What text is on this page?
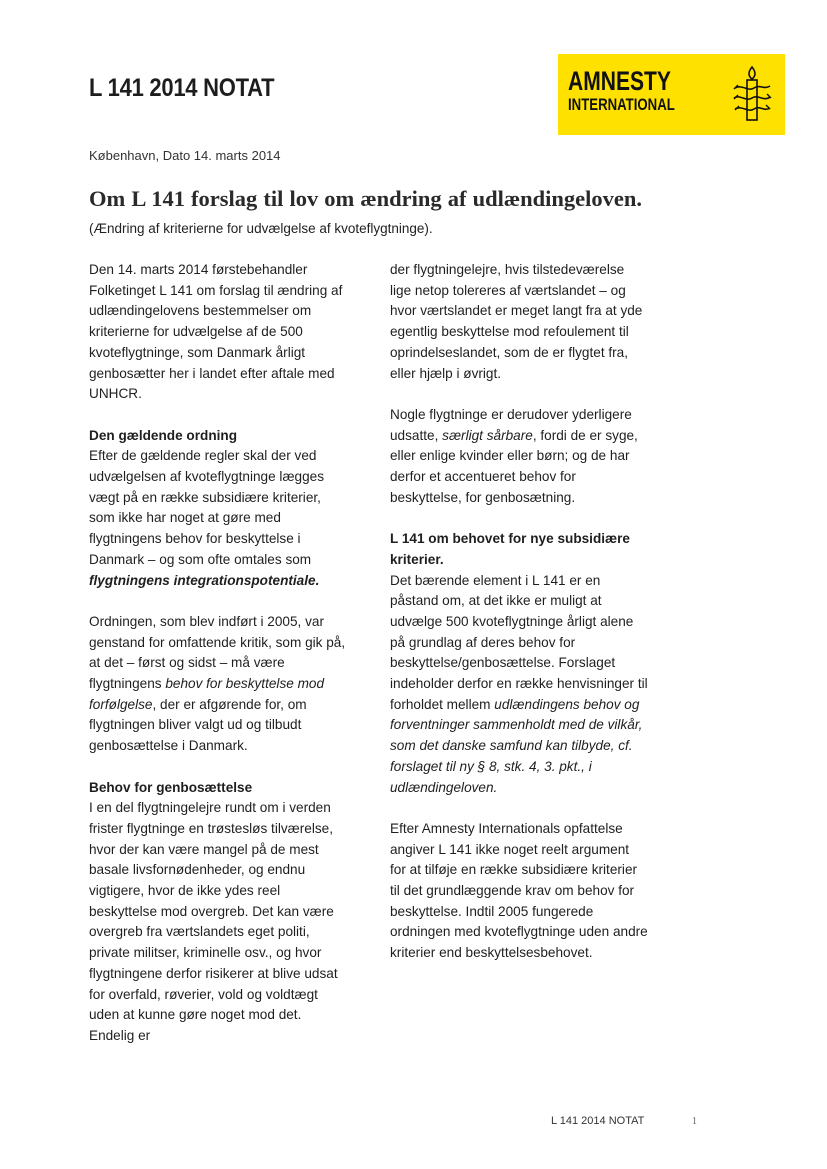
L 141 2014 NOTAT	AMNESTY
INTERNATIONAL
København, Dato 14. marts 2014
Om L 141 forslag til lov om ændring af udlændingeloven. (Ændring af kriterierne for udvælgelse af kvoteflygtninge).

Den 14. marts 2014 førstebehandler Folketinget L 141 om forslag til ændring af udlændingelovens bestemmelser om kriterierne for udvælgelse af de 500 kvoteflygtninge, som Danmark årligt genbosætter her i landet efter aftale med UNHCR.

Den gældende ordning

Efter de gældende regler skal der ved udvælgelsen af kvoteflygtninge lægges vægt på en række subsidiære kriterier, som ikke har noget at gøre med flygtningens behov for beskyttelse i Danmark – og som ofte omtales som flygtningens integrationspotentiale.

Ordningen, som blev indført i 2005, var genstand for omfattende kritik, som gik på, at det – først og sidst – må være flygtningens behov for beskyttelse mod forfølgelse, der er afgørende for, om flygtningen bliver valgt ud og tilbudt genbosættelse i Danmark.

Behov for genbosættelse

I en del flygtningelejre rundt om i verden frister flygtninge en trøstesløs tilværelse, hvor der kan være mangel på de mest basale livsfornødenheder, og endnu vigtigere, hvor de ikke ydes reel beskyttelse mod overgreb. Det kan være overgreb fra værtslandets eget politi, private militser, kriminelle osv., og hvor flygtningene derfor risikerer at blive udsat for overfald, røverier, vold og voldtægt uden at kunne gøre noget mod det. Endelig er

der flygtningelejre, hvis tilstedeværelse lige netop tolereres af værtslandet – og hvor værtslandet er meget langt fra at yde egentlig beskyttelse mod refoulement til oprindelseslandet, som de er flygtet fra, eller hjælp i øvrigt.

Nogle flygtninge er derudover yderligere udsatte, særligt sårbare, fordi de er syge, eller enlige kvinder eller børn; og de har derfor et accentueret behov for beskyttelse, for genbosætning.

L 141 om behovet for nye subsidiære kriterier.

Det bærende element i L 141 er en påstand om, at det ikke er muligt at udvælge 500 kvoteflygtninge årligt alene på grundlag af deres behov for beskyttelse/genbosættelse. Forslaget indeholder derfor en række henvisninger til forholdet mellem udlændingens behov og forventninger sammenholdt med de vilkår, som det danske samfund kan tilbyde, cf. forslaget til ny § 8, stk. 4, 3. pkt., i udlændingeloven.

Efter Amnesty Internationals opfattelse angiver L 141 ikke noget reelt argument for at tilføje en række subsidiære kriterier til det grundlæggende krav om behov for beskyttelse. Indtil 2005 fungerede ordningen med kvoteflygtninge uden andre kriterier end beskyttelsesbehovet.

L 141 2014 NOTAT	1
